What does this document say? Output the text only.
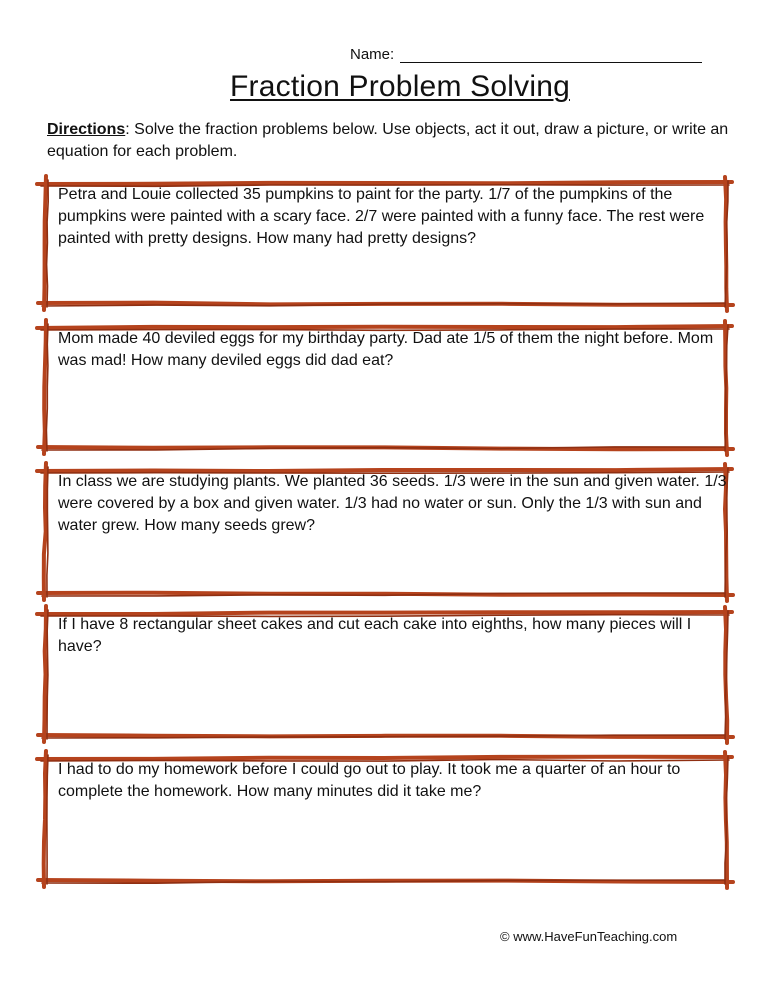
Name:
Fraction Problem Solving
Directions: Solve the fraction problems below. Use objects, act it out, draw a picture, or write an equation for each problem.
Petra and Louie collected 35 pumpkins to paint for the party. 1/7 of the pumpkins of the pumpkins were painted with a scary face. 2/7 were painted with a funny face. The rest were painted with pretty designs. How many had pretty designs?
Mom made 40 deviled eggs for my birthday party. Dad ate 1/5 of them the night before. Mom was mad! How many deviled eggs did dad eat?
In class we are studying plants. We planted 36 seeds. 1/3 were in the sun and given water. 1/3 were covered by a box and given water. 1/3 had no water or sun. Only the 1/3 with sun and water grew. How many seeds grew?
If I have 8 rectangular sheet cakes and cut each cake into eighths, how many pieces will I have?
I had to do my homework before I could go out to play. It took me a quarter of an hour to complete the homework. How many minutes did it take me?
© www.HaveFunTeaching.com
